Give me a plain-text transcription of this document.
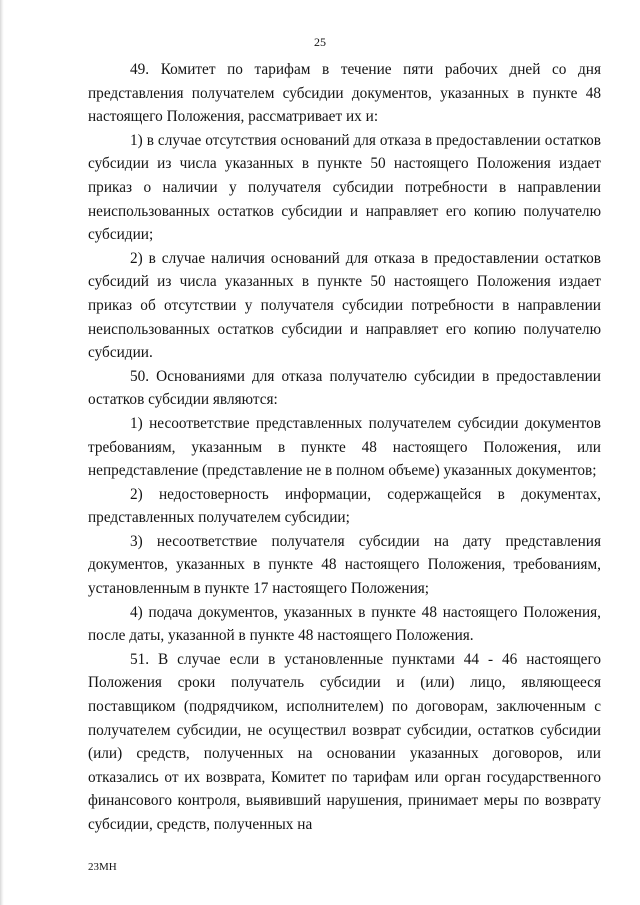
25

49. Комитет по тарифам в течение пяти рабочих дней со дня представления получателем субсидии документов, указанных в пункте 48 настоящего Положения, рассматривает их и:

1) в случае отсутствия оснований для отказа в предоставлении остатков субсидии из числа указанных в пункте 50 настоящего Положения издает приказ о наличии у получателя субсидии потребности в направлении неиспользованных остатков субсидии и направляет его копию получателю субсидии;

2) в случае наличия оснований для отказа в предоставлении остатков субсидий из числа указанных в пункте 50 настоящего Положения издает приказ об отсутствии у получателя субсидии потребности в направлении неиспользованных остатков субсидии и направляет его копию получателю субсидии.

50. Основаниями для отказа получателю субсидии в предоставлении остатков субсидии являются:

1) несоответствие представленных получателем субсидии документов требованиям, указанным в пункте 48 настоящего Положения, или непредставление (представление не в полном объеме) указанных документов;

2) недостоверность информации, содержащейся в документах, представленных получателем субсидии;

3) несоответствие получателя субсидии на дату представления документов, указанных в пункте 48 настоящего Положения, требованиям, установленным в пункте 17 настоящего Положения;

4) подача документов, указанных в пункте 48 настоящего Положения, после даты, указанной в пункте 48 настоящего Положения.

51. В случае если в установленные пунктами 44 - 46 настоящего Положения сроки получатель субсидии и (или) лицо, являющееся поставщиком (подрядчиком, исполнителем) по договорам, заключенным с получателем субсидии, не осуществил возврат субсидии, остатков субсидии (или) средств, полученных на основании указанных договоров, или отказались от их возврата, Комитет по тарифам или орган государственного финансового контроля, выявивший нарушения, принимает меры по возврату субсидии, средств, полученных на

23МН
